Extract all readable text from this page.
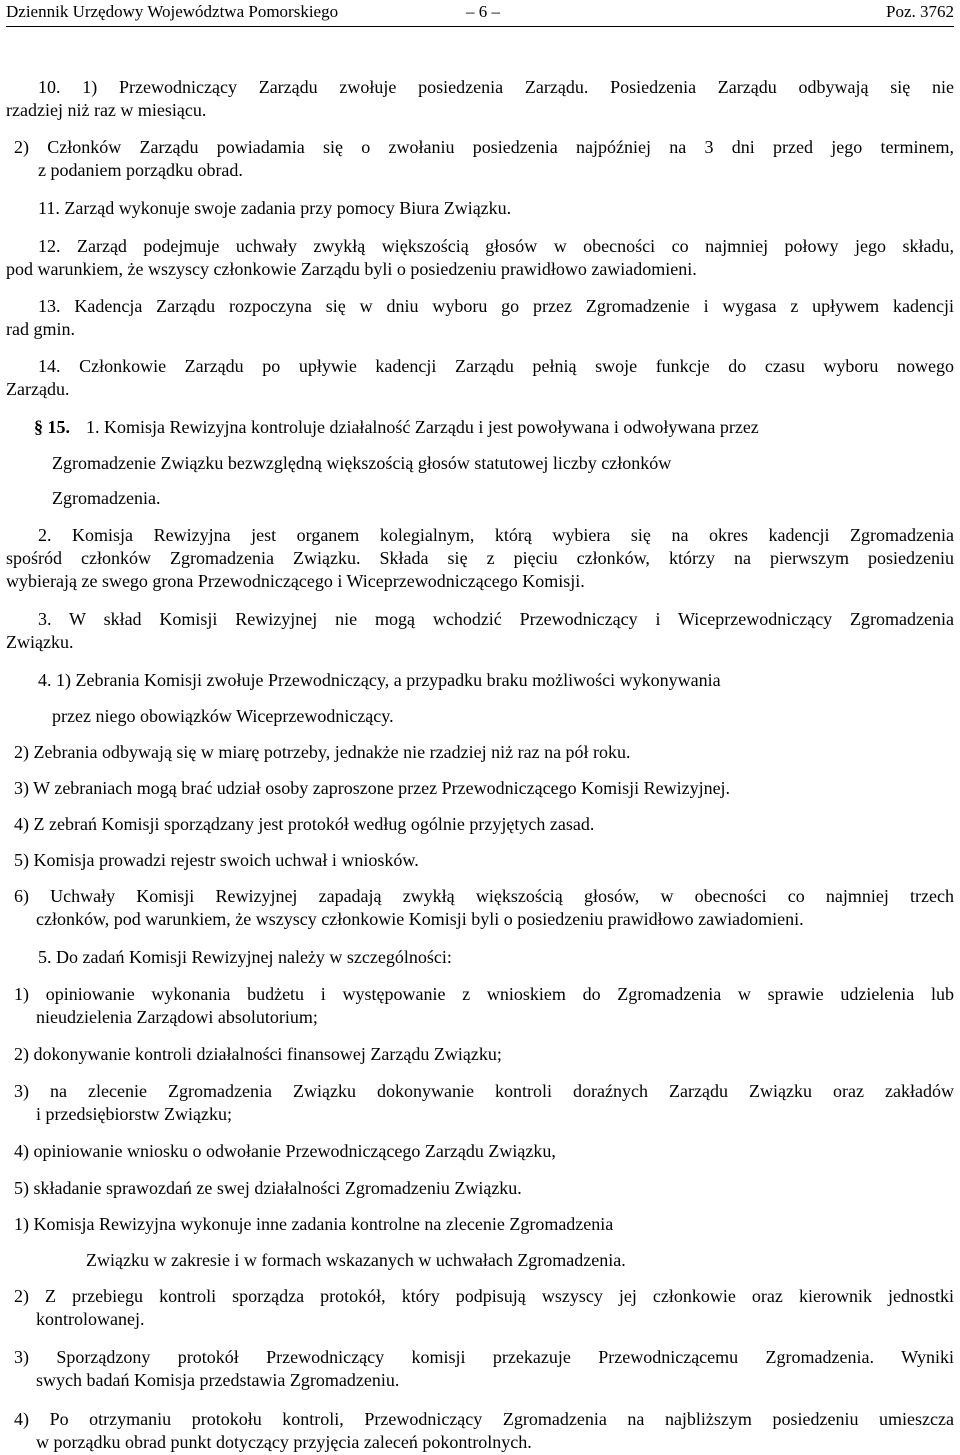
Dziennik Urzędowy Województwa Pomorskiego	– 6 –	Poz. 3762
10. 1) Przewodniczący Zarządu zwołuje posiedzenia Zarządu. Posiedzenia Zarządu odbywają się nie
rzadziej niż raz w miesiącu.
2) Członków Zarządu powiadamia się o zwołaniu posiedzenia najpóźniej na 3 dni przed jego terminem,
z podaniem porządku obrad.
11. Zarząd wykonuje swoje zadania przy pomocy Biura Związku.
12. Zarząd podejmuje uchwały zwykłą większością głosów w obecności co najmniej połowy jego składu,
pod warunkiem, że wszyscy członkowie Zarządu byli o posiedzeniu prawidłowo zawiadomieni.
13. Kadencja Zarządu rozpoczyna się w dniu wyboru go przez Zgromadzenie i wygasa z upływem kadencji
rad gmin.
14. Członkowie Zarządu po upływie kadencji Zarządu pełnią swoje funkcje do czasu wyboru nowego
Zarządu.
§ 15. 1. Komisja Rewizyjna kontroluje działalność Zarządu i jest powoływana i odwoływana przez
Zgromadzenie Związku bezwzględną większością głosów statutowej liczby członków
Zgromadzenia.
2. Komisja Rewizyjna jest organem kolegialnym, którą wybiera się na okres kadencji Zgromadzenia
spośród członków Zgromadzenia Związku. Składa się z pięciu członków, którzy na pierwszym posiedzeniu
wybierają ze swego grona Przewodniczącego i Wiceprzewodniczącego Komisji.
3. W skład Komisji Rewizyjnej nie mogą wchodzić Przewodniczący i Wiceprzewodniczący Zgromadzenia
Związku.
4. 1) Zebrania Komisji zwołuje Przewodniczący, a przypadku braku możliwości wykonywania
przez niego obowiązków Wiceprzewodniczący.
2) Zebrania odbywają się w miarę potrzeby, jednakże nie rzadziej niż raz na pół roku.
3) W zebraniach mogą brać udział osoby zaproszone przez Przewodniczącego Komisji Rewizyjnej.
4) Z zebrań Komisji sporządzany jest protokół według ogólnie przyjętych zasad.
5) Komisja prowadzi rejestr swoich uchwał i wniosków.
6) Uchwały Komisji Rewizyjnej zapadają zwykłą większością głosów, w obecności co najmniej trzech
członków, pod warunkiem, że wszyscy członkowie Komisji byli o posiedzeniu prawidłowo zawiadomieni.
5. Do zadań Komisji Rewizyjnej należy w szczególności:
1) opiniowanie wykonania budżetu i występowanie z wnioskiem do Zgromadzenia w sprawie udzielenia lub
nieudzielenia Zarządowi absolutorium;
2) dokonywanie kontroli działalności finansowej Zarządu Związku;
3) na zlecenie Zgromadzenia Związku dokonywanie kontroli doraźnych Zarządu Związku oraz zakładów
i przedsiębiorstw Związku;
4) opiniowanie wniosku o odwołanie Przewodniczącego Zarządu Związku,
5) składanie sprawozdań ze swej działalności Zgromadzeniu Związku.
1) Komisja Rewizyjna wykonuje inne zadania kontrolne na zlecenie Zgromadzenia
Związku w zakresie i w formach wskazanych w uchwałach Zgromadzenia.
2) Z przebiegu kontroli sporządza protokół, który podpisują wszyscy jej członkowie oraz kierownik jednostki
kontrolowanej.
3) Sporządzony protokół Przewodniczący komisji przekazuje Przewodniczącemu Zgromadzenia. Wyniki
swych badań Komisja przedstawia Zgromadzeniu.
4) Po otrzymaniu protokołu kontroli, Przewodniczący Zgromadzenia na najbliższym posiedzeniu umieszcza
w porządku obrad punkt dotyczący przyjęcia zaleceń pokontrolnych.
